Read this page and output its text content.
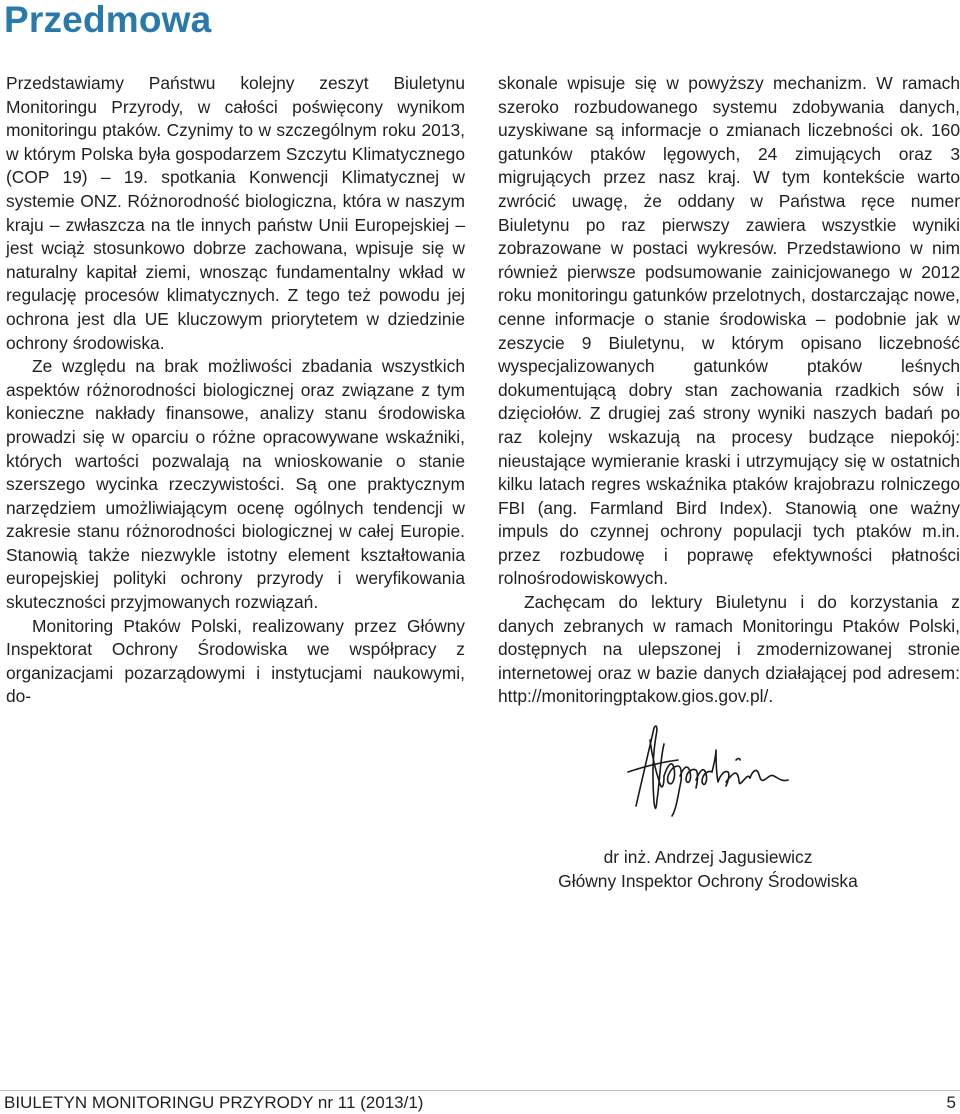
Przedmowa

Przedstawiamy Państwu kolejny zeszyt Biuletynu Monitoringu Przyrody, w całości poświęcony wynikom monitoringu ptaków. Czynimy to w szczególnym roku 2013, w którym Polska była gospodarzem Szczytu Klimatycznego (COP 19) – 19. spotkania Konwencji Klimatycznej w systemie ONZ. Różnorodność biologiczna, która w naszym kraju – zwłaszcza na tle innych państw Unii Europejskiej – jest wciąż stosunkowo dobrze zachowana, wpisuje się w naturalny kapitał ziemi, wnosząc fundamentalny wkład w regulację procesów klimatycznych. Z tego też powodu jej ochrona jest dla UE kluczowym priorytetem w dziedzinie ochrony środowiska.

Ze względu na brak możliwości zbadania wszystkich aspektów różnorodności biologicznej oraz związane z tym konieczne nakłady finansowe, analizy stanu środowiska prowadzi się w oparciu o różne opracowywane wskaźniki, których wartości pozwalają na wnioskowanie o stanie szerszego wycinka rzeczywistości. Są one praktycznym narzędziem umożliwiającym ocenę ogólnych tendencji w zakresie stanu różnorodności biologicznej w całej Europie. Stanowią także niezwykle istotny element kształtowania europejskiej polityki ochrony przyrody i weryfikowania skuteczności przyjmowanych rozwiązań.

Monitoring Ptaków Polski, realizowany przez Główny Inspektorat Ochrony Środowiska we współpracy z organizacjami pozarządowymi i instytucjami naukowymi, do-

skonale wpisuje się w powyższy mechanizm. W ramach szeroko rozbudowanego systemu zdobywania danych, uzyskiwane są informacje o zmianach liczebności ok. 160 gatunków ptaków lęgowych, 24 zimujących oraz 3 migrujących przez nasz kraj. W tym kontekście warto zwrócić uwagę, że oddany w Państwa ręce numer Biuletynu po raz pierwszy zawiera wszystkie wyniki zobrazowane w postaci wykresów. Przedstawiono w nim również pierwsze podsumowanie zainicjowanego w 2012 roku monitoringu gatunków przelotnych, dostarczając nowe, cenne informacje o stanie środowiska – podobnie jak w zeszycie 9 Biuletynu, w którym opisano liczebność wyspecjalizowanych gatunków ptaków leśnych dokumentującą dobry stan zachowania rzadkich sów i dzięciołów. Z drugiej zaś strony wyniki naszych badań po raz kolejny wskazują na procesy budzące niepokój: nieustające wymieranie kraski i utrzymujący się w ostatnich kilku latach regres wskaźnika ptaków krajobrazu rolniczego FBI (ang. Farmland Bird Index). Stanowią one ważny impuls do czynnej ochrony populacji tych ptaków m.in. przez rozbudowę i poprawę efektywności płatności rolnośrodowiskowych.

Zachęcam do lektury Biuletynu i do korzystania z danych zebranych w ramach Monitoringu Ptaków Polski, dostępnych na ulepszonej i zmodernizowanej stronie internetowej oraz w bazie danych działającej pod adresem: http://monitoringptakow.gios.gov.pl/.

dr inż. Andrzej Jagusiewicz
Główny Inspektor Ochrony Środowiska
BIULETYN MONITORINGU PRZYRODY nr 11 (2013/1)	5
